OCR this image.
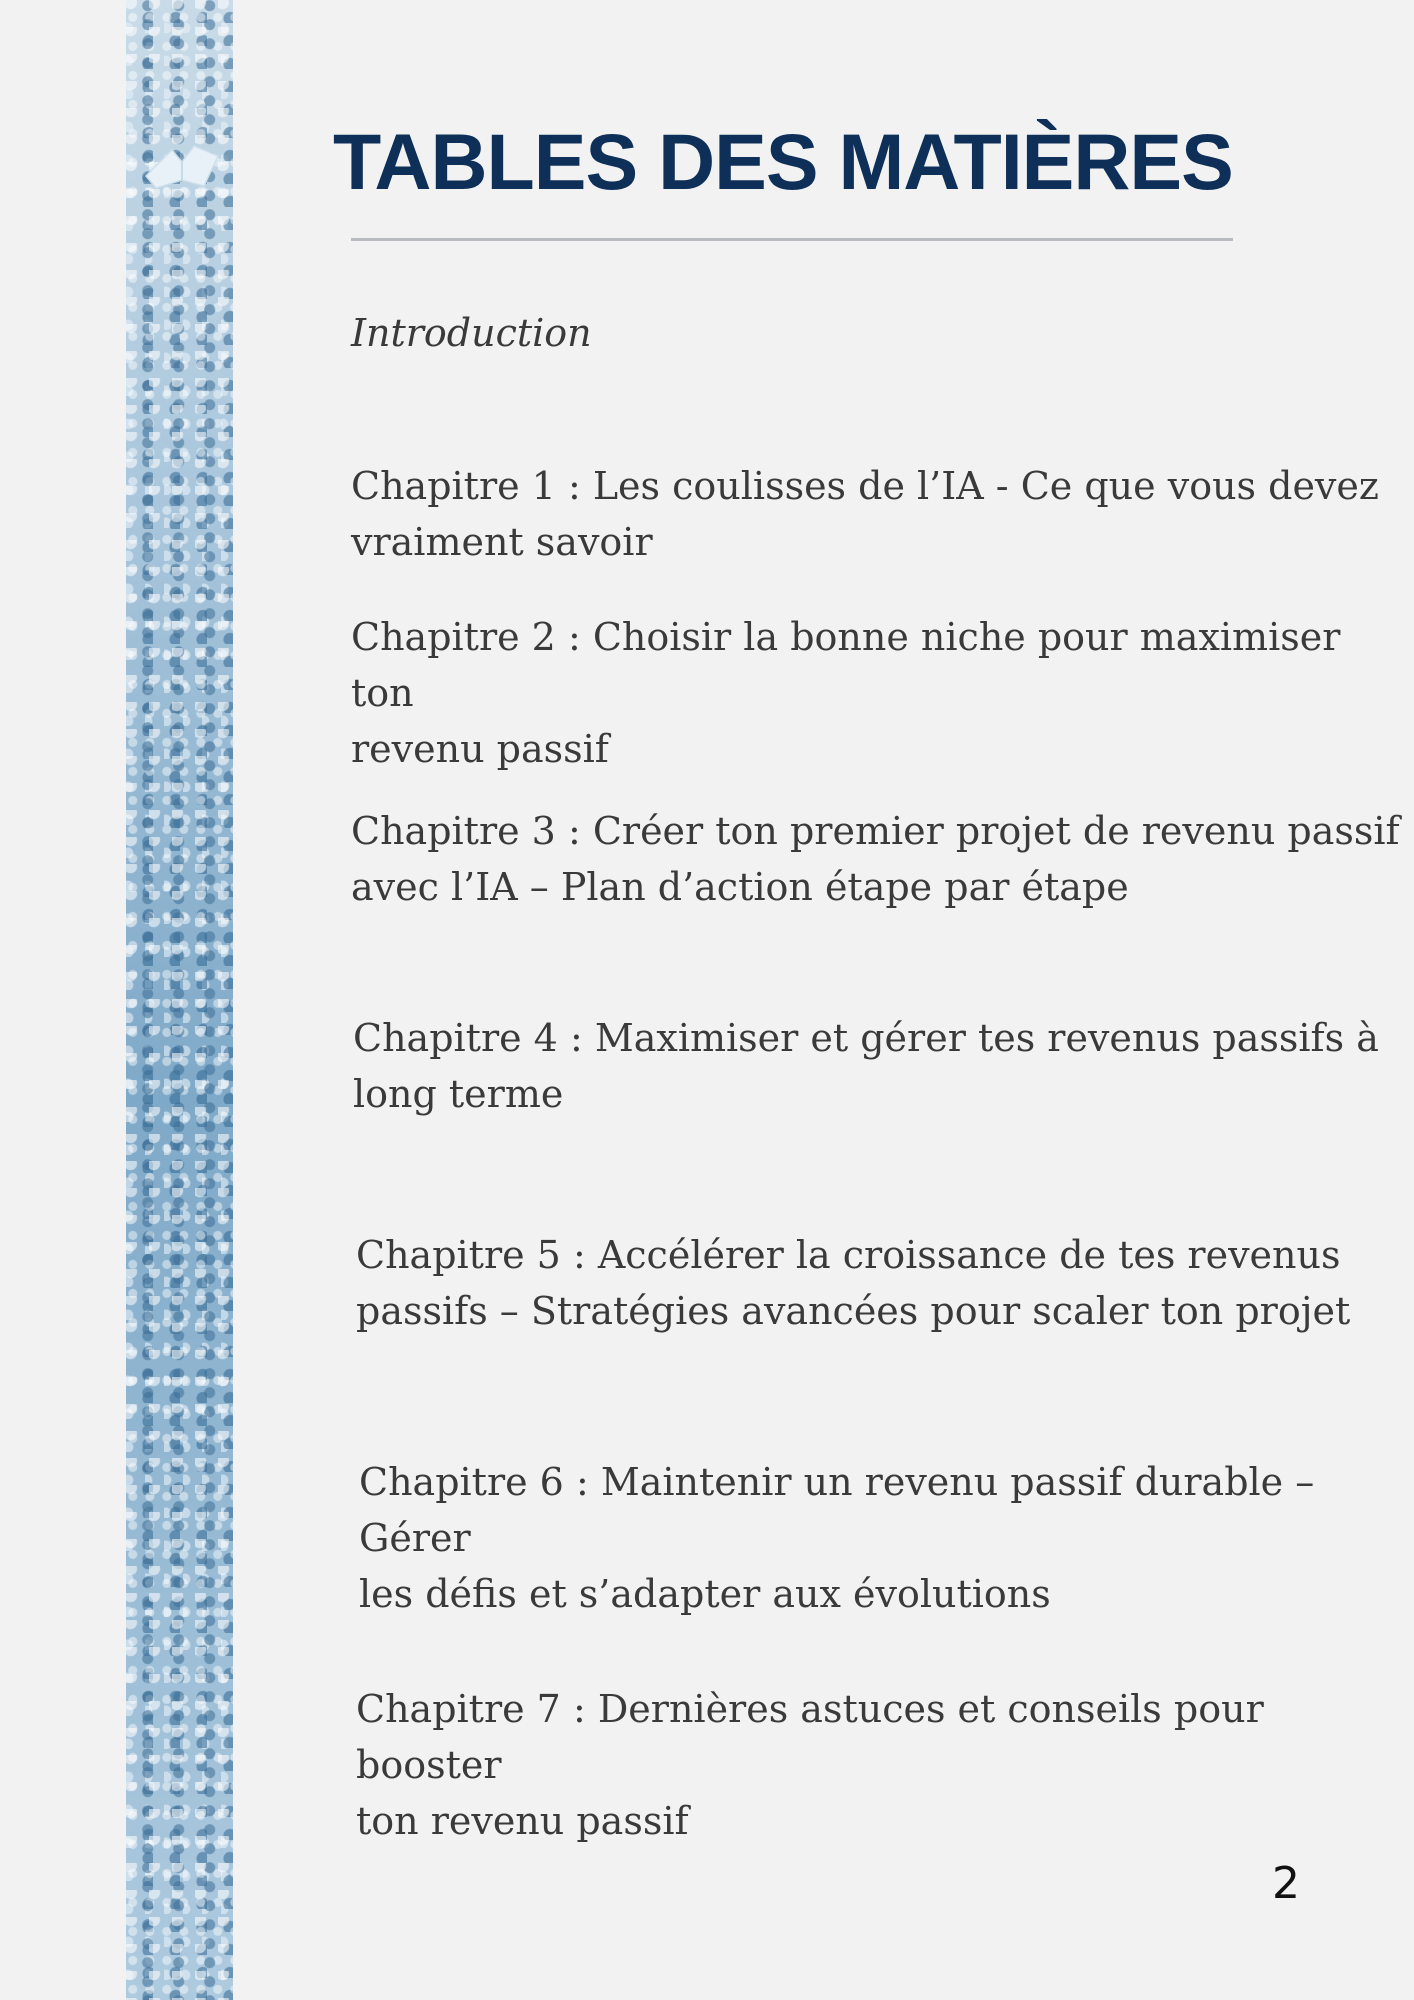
TABLES DES MATIÈRES

Introduction

Chapitre 1 : Les coulisses de l’IA - Ce que vous devez
vraiment savoir

Chapitre 2 : Choisir la bonne niche pour maximiser ton
revenu passif

Chapitre 3 : Créer ton premier projet de revenu passif
avec l’IA – Plan d’action étape par étape

Chapitre 4 : Maximiser et gérer tes revenus passifs à
long terme

Chapitre 5 : Accélérer la croissance de tes revenus
passifs – Stratégies avancées pour scaler ton projet

Chapitre 6 : Maintenir un revenu passif durable – Gérer
les défis et s’adapter aux évolutions

Chapitre 7 : Dernières astuces et conseils pour booster
ton revenu passif

2
